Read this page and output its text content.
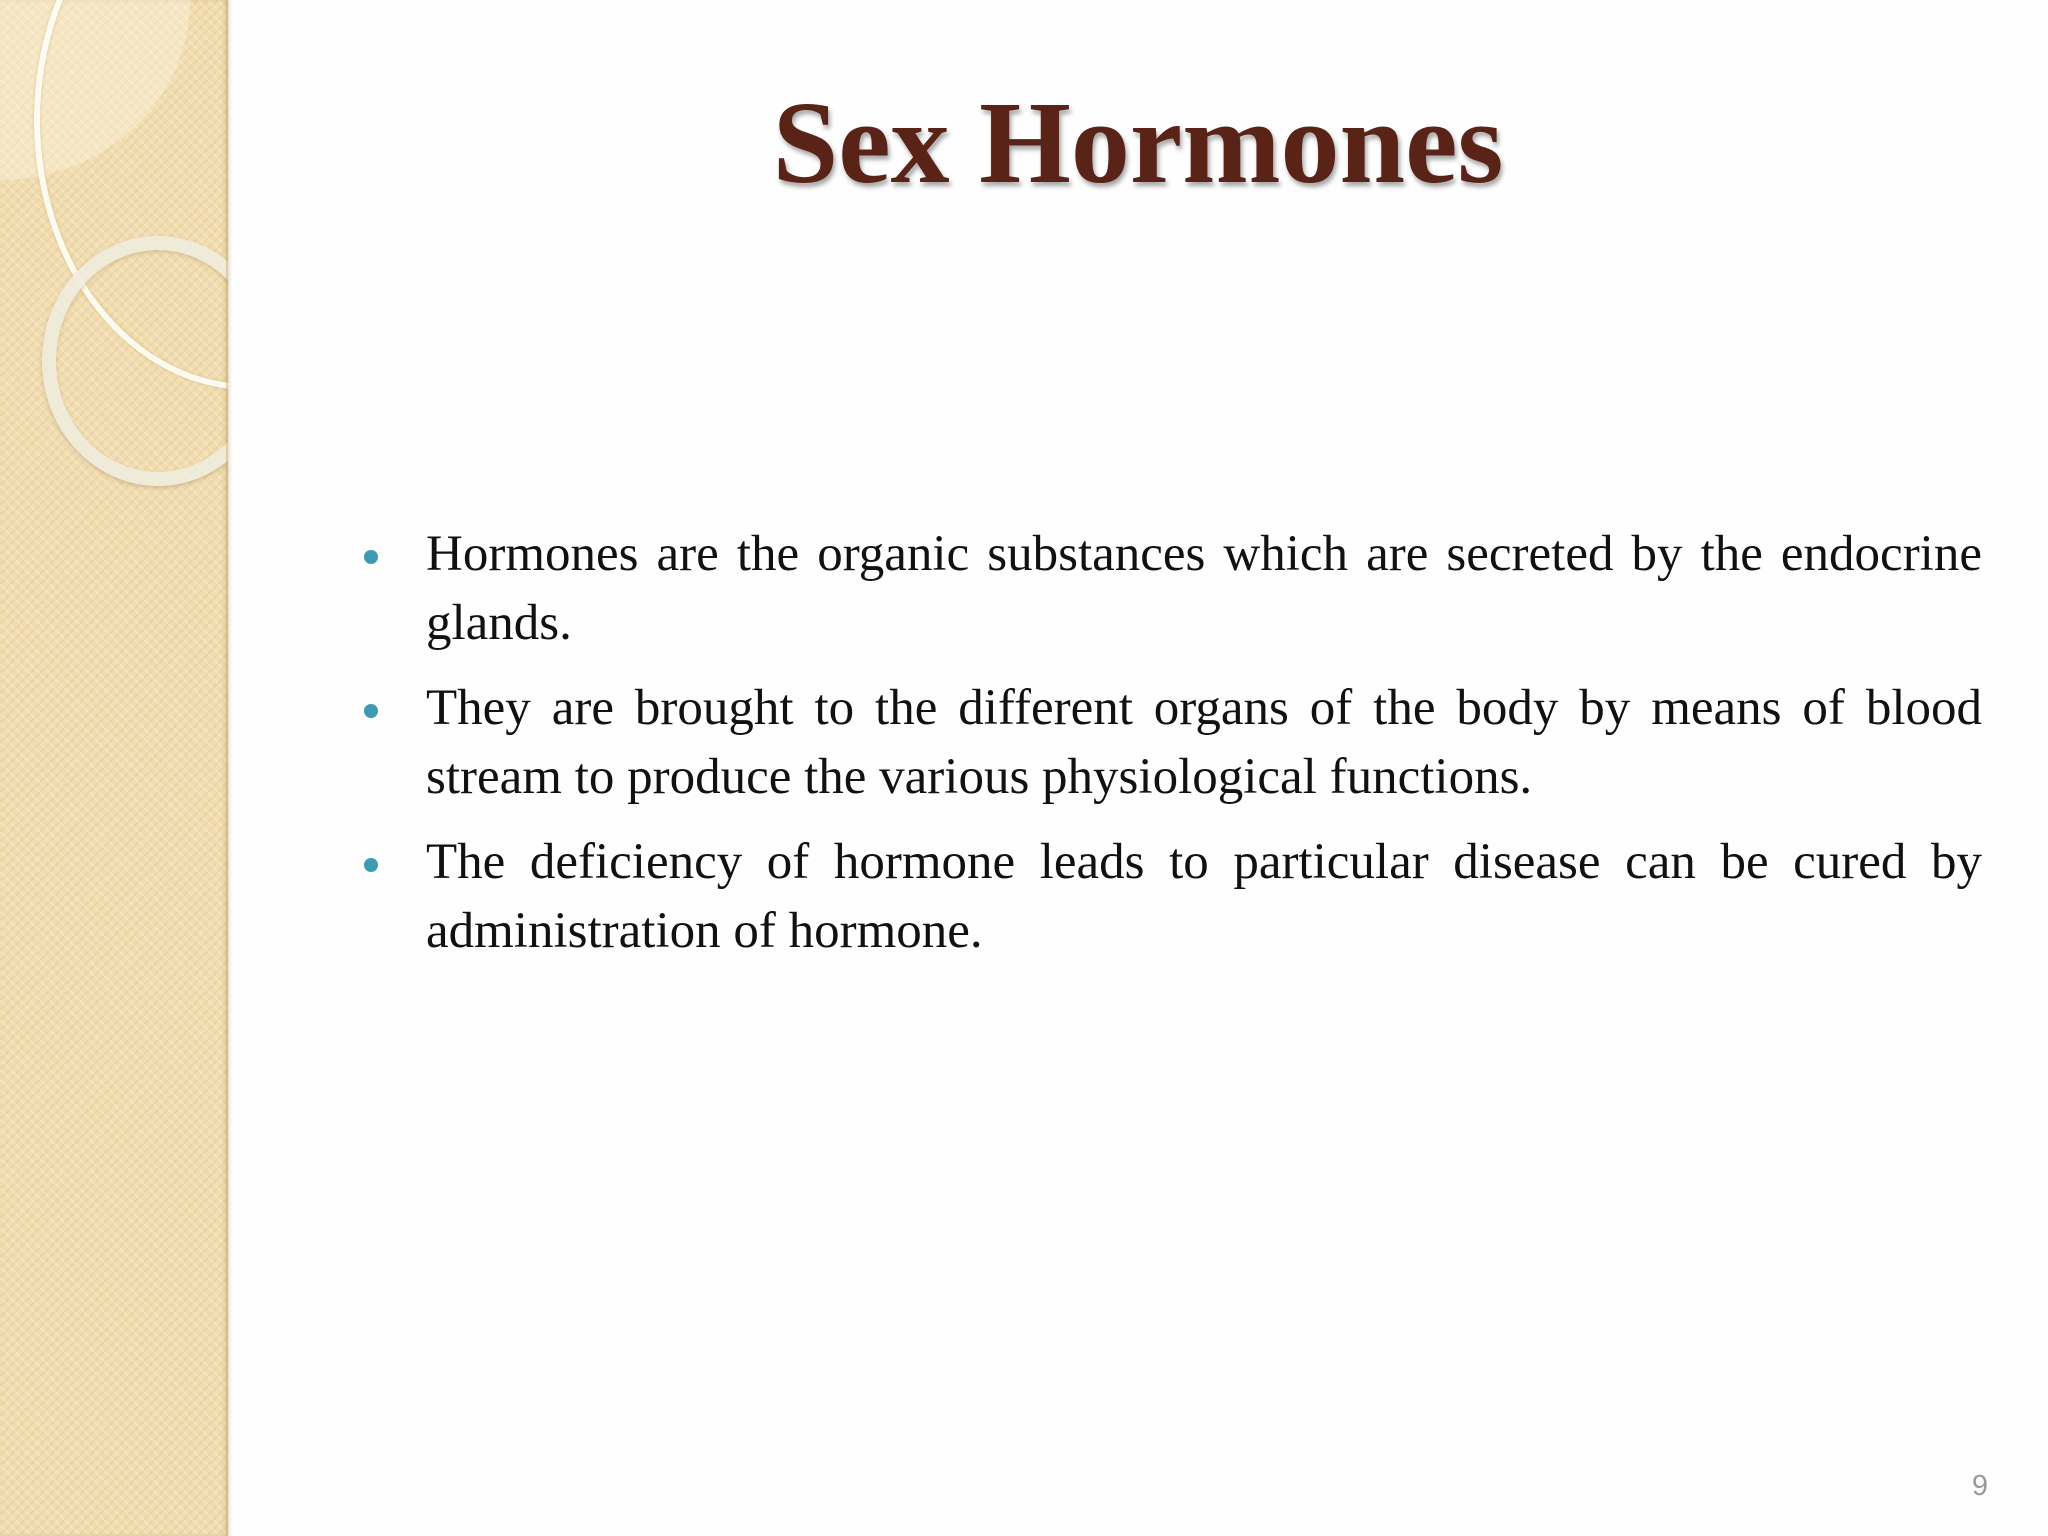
Sex Hormones
Hormones are the organic substances which are secreted by the endocrine glands.
They are brought to the different organs of the body by means of blood stream to produce the various physiological functions.
The deficiency of hormone leads to particular disease can be cured by administration of hormone.
9
